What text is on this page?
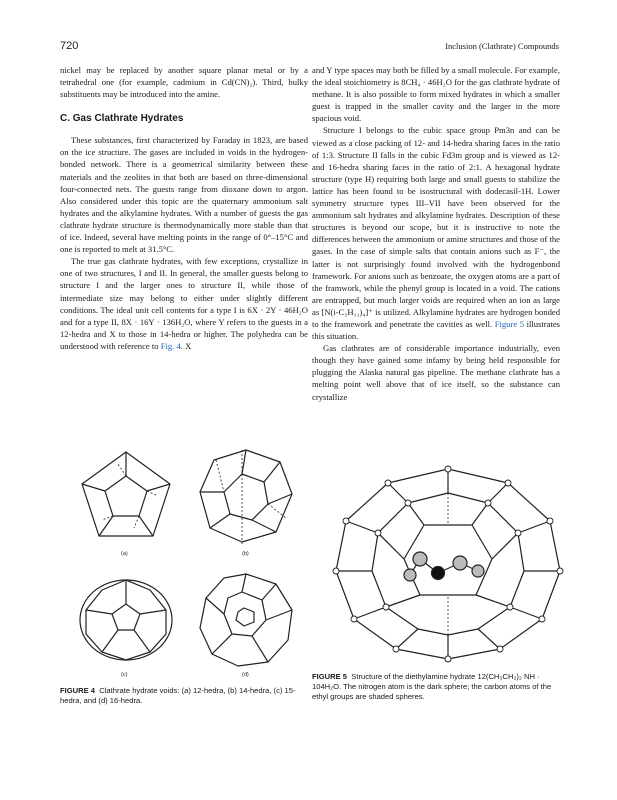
720	Inclusion (Clathrate) Compounds

nickel may be replaced by another square planar metal or by a tetrahedral one (for example, cadmium in Cd(CN)₂). Third, bulky substituents may be introduced into the amine.

C. Gas Clathrate Hydrates

These substances, first characterized by Faraday in 1823, are based on the ice structure. The gases are included in voids in the hydrogen-bonded network. There is a geometrical similarity between these materials and the zeolites in that both are based on three-dimensional four-connected nets. The guests range from dioxane down to argon. Also considered under this topic are the quaternary ammonium salt hydrates and the alkylamine hydrates. With a number of guests the gas clathrate hydrate structure is thermodynamically more stable than that of ice. Indeed, several have melting points in the range of 0°–15°C and one is reported to melt at 31.5°C.

The true gas clathrate hydrates, with few exceptions, crystallize in one of two structures, I and II. In general, the smaller guests belong to structure I and the larger ones to structure II, while those of intermediate size may belong to either under slightly different conditions. The ideal unit cell contents for a type I is 6X · 2Y · 46H₂O and for a type II, 8X · 16Y · 136H₂O, where Y refers to the guests in a 12-hedra and X to those in 14-hedra or higher. The polyhedra can be understood with reference to Fig. 4. X

and Y type spaces may both be filled by a small molecule. For example, the ideal stoichiometry is 8CH₄ · 46H₂O for the gas clathrate hydrate of methane. It is also possible to form mixed hydrates in which a smaller guest is trapped in the smaller cavity and the larger in the more spacious void.

Structure I belongs to the cubic space group Pm3n and can be viewed as a close packing of 12- and 14-hedra sharing faces in the ratio of 1:3. Structure II falls in the cubic Fd3m group and is viewed as 12- and 16-hedra sharing faces in the ratio of 2:1. A hexagonal hydrate structure (type H) requiring both large and small guests to stabilize the lattice has been found to be isostructural with dodecasil-1H. Lower symmetry structure types III–VII have been observed for the ammonium salt hydrates and alkylamine hydrates. Description of these structures is beyond our scope, but it is instructive to note the differences between the ammonium or amine structures and those of the gases. In the case of simple salts that contain anions such as F⁻, the latter is not surprisingly found involved with the hydrogenbond framework. For anions such as benzoate, the oxygen atoms are a part of the framwork, while the phenyl group is located in a void. The cations are entrapped, but much larger voids are required when an ion as large as [N(i-C₅H₁₁)₄]⁺ is utilized. Alkylamine hydrates are hydrogen bonded to the framework and penetrate the cavities as well. Figure 5 illustrates this situation.

Gas clathrates are of considerable importance industrially, even though they have gained some infamy by being held responsible for plugging the Alaska natural gas pipeline. The methane clathrate has a melting point well above that of ice itself, so the substance can crystallize

(a)	(b)
(c)	(d)
FIGURE 4 Clathrate hydrate voids: (a) 12-hedra, (b) 14-hedra, (c) 15-hedra, and (d) 16-hedra.
FIGURE 5 Structure of the diethylamine hydrate 12(CH₃CH₂)₂ NH · 104H₂O. The nitrogen atom is the dark sphere; the carbon atoms of the ethyl groups are shaded spheres.
